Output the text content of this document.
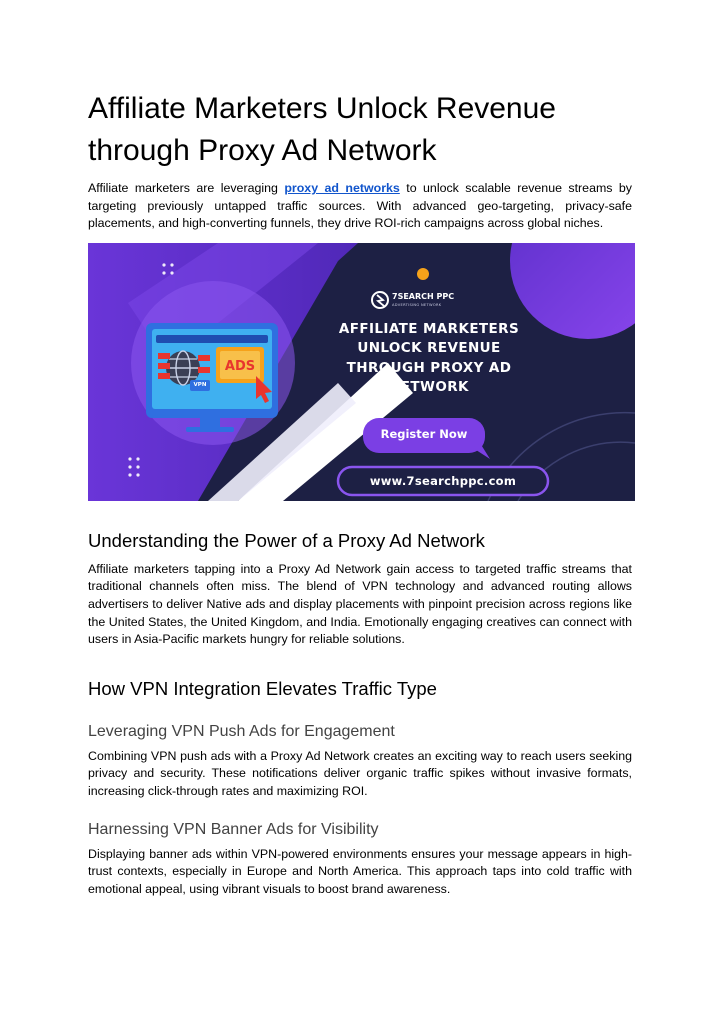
Affiliate Marketers Unlock Revenue through Proxy Ad Network

Affiliate marketers are leveraging proxy ad networks to unlock scalable revenue streams by targeting previously untapped traffic sources. With advanced geo-targeting, privacy-safe placements, and high-converting funnels, they drive ROI-rich campaigns across global niches.

ADS
VPN
7SEARCH PPC
ADVERTISING NETWORK
AFFILIATE MARKETERS
UNLOCK REVENUE
THROUGH PROXY AD
NETWORK
Register Now
www.7searchppc.com
Understanding the Power of a Proxy Ad Network

Affiliate marketers tapping into a Proxy Ad Network gain access to targeted traffic streams that traditional channels often miss. The blend of VPN technology and advanced routing allows advertisers to deliver Native ads and display placements with pinpoint precision across regions like the United States, the United Kingdom, and India. Emotionally engaging creatives can connect with users in Asia-Pacific markets hungry for reliable solutions.

How VPN Integration Elevates Traffic Type
Leveraging VPN Push Ads for Engagement

Combining VPN push ads with a Proxy Ad Network creates an exciting way to reach users seeking privacy and security. These notifications deliver organic traffic spikes without invasive formats, increasing click-through rates and maximizing ROI.

Harnessing VPN Banner Ads for Visibility

Displaying banner ads within VPN-powered environments ensures your message appears in high-trust contexts, especially in Europe and North America. This approach taps into cold traffic with emotional appeal, using vibrant visuals to boost brand awareness.
